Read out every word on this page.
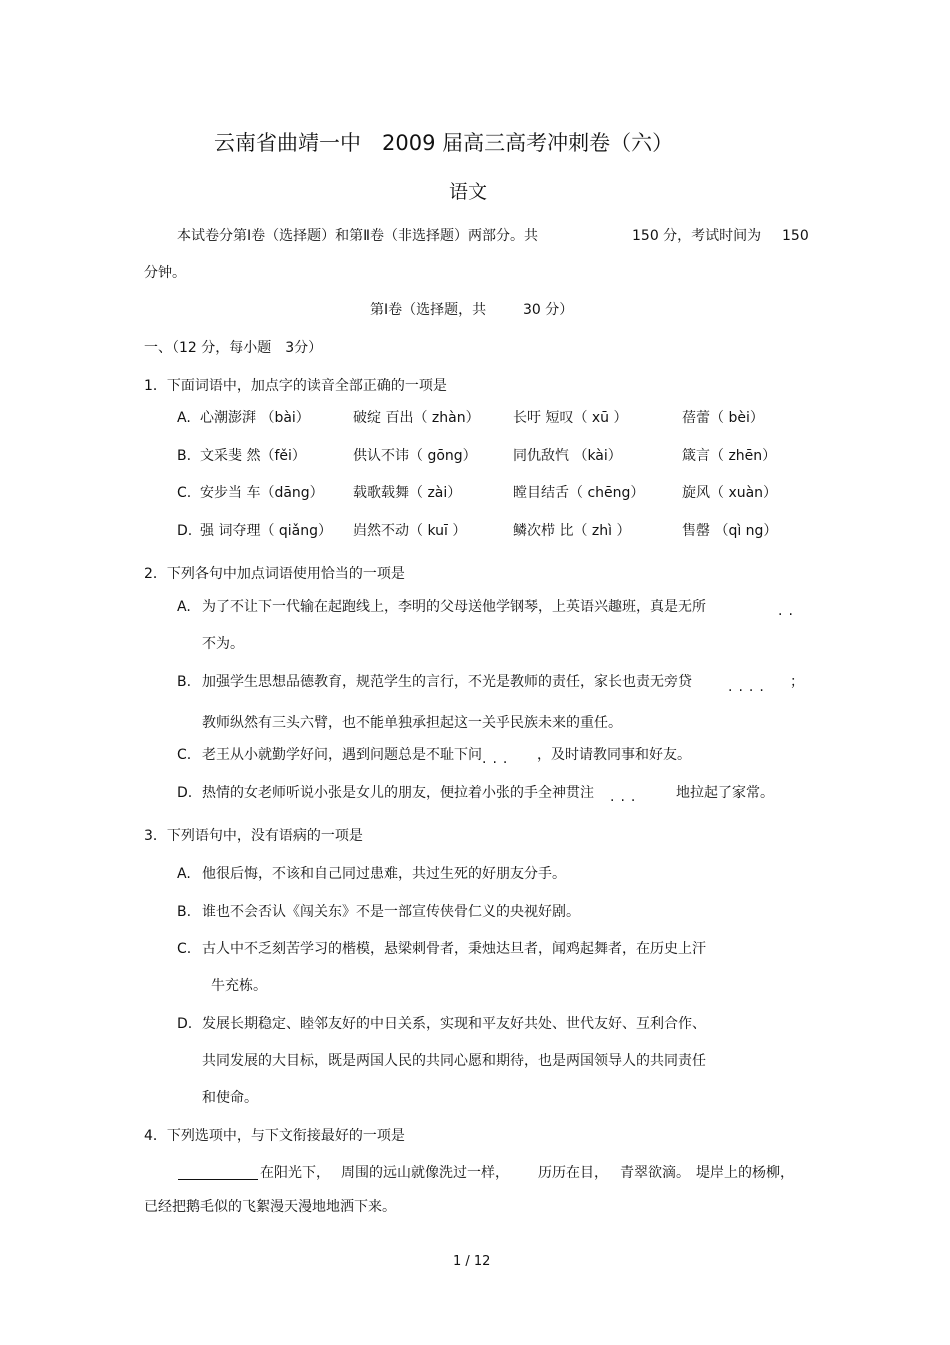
云南省曲靖一中　2009 届高三高考冲刺卷（六）
语文
本试卷分第Ⅰ卷（选择题）和第Ⅱ卷（非选择题）两部分。共	150 分，考试时间为 150
分钟。
第Ⅰ卷（选择题，共	30 分）
一、（12 分，每小题　3分）
1．下面词语中，加点字的读音全部正确的一项是
A. 心潮澎湃 （bài）	破绽 百出（ zhàn） 长吁 短叹（ xū ）	蓓蕾（ bèi）
B. 文采斐 然（fěi）	供认不讳（ gōng）	同仇敌忾 （kài）	箴言（ zhēn）
C. 安步当 车（dāng） 载歌载舞（ zài）	瞠目结舌（ chēng）	旋风（ xuàn）
D. 强 词夺理（ qiǎng） 岿然不动（ kuī ）	鳞次栉 比（ zhì ）	售罄 （qì ng）
2．下列各句中加点词语使用恰当的一项是
A. 为了不让下一代输在起跑线上，李明的父母送他学钢琴，上英语兴趣班，真是无所	..
不为。
B. 加强学生思想品德教育，规范学生的言行，不光是教师的责任，家长也责无旁贷	.... ；
教师纵然有三头六臂，也不能单独承担起这一关乎民族未来的重任。
C. 老王从小就勤学好问，遇到问题总是不耻下问 ... ，及时请教同事和好友。
D. 热情的女老师听说小张是女儿的朋友，便拉着小张的手全神贯注 ... 地拉起了家常。
3．下列语句中，没有语病的一项是
A. 他很后悔，不该和自己同过患难，共过生死的好朋友分手。
B. 谁也不会否认《闯关东》不是一部宣传侠骨仁义的央视好剧。
C. 古人中不乏刻苦学习的楷模，悬梁刺骨者，秉烛达旦者，闻鸡起舞者，在历史上汗
牛充栋。
D. 发展长期稳定、睦邻友好的中日关系，实现和平友好共处、世代友好、互利合作、
共同发展的大目标，既是两国人民的共同心愿和期待，也是两国领导人的共同责任
和使命。
4．下列选项中，与下文衔接最好的一项是
在阳光下， 周围的远山就像洗过一样， 历历在目， 青翠欲滴。 堤岸上的杨柳，
已经把鹅毛似的飞絮漫天漫地地洒下来。
1 / 12
